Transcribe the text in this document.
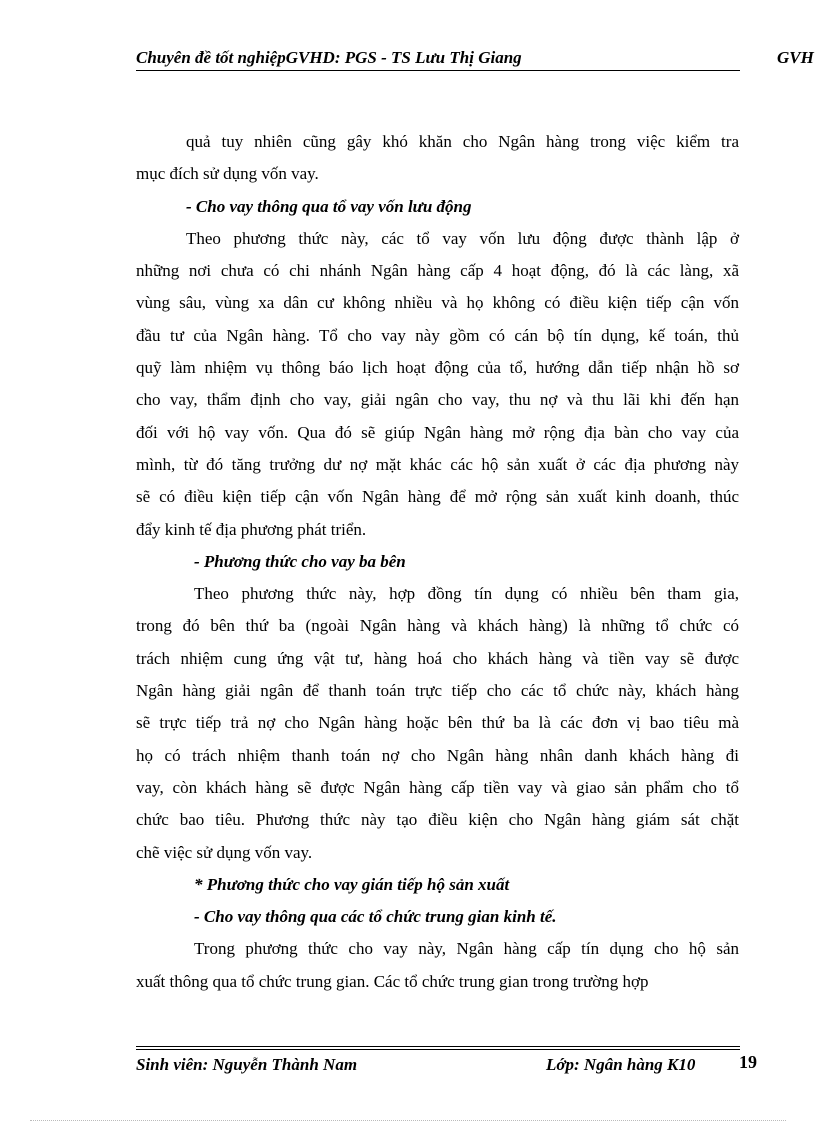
Chuyên đề tốt nghiệpGVHD: PGS - TS Lưu Thị Giang	GVH
quả tuy nhiên cũng gây khó khăn cho Ngân hàng trong việc kiểm tra
mục đích sử dụng vốn vay.
- Cho vay thông qua tổ vay vốn lưu động
Theo phương thức này, các tổ vay vốn lưu động được thành lập ở
những nơi chưa có chi nhánh Ngân hàng cấp 4 hoạt động, đó là các làng, xã
vùng sâu, vùng xa dân cư không nhiều và họ không có điều kiện tiếp cận vốn
đầu tư của Ngân hàng. Tổ cho vay này gồm có cán bộ tín dụng, kế toán, thủ
quỹ làm nhiệm vụ thông báo lịch hoạt động của tổ, hướng dẫn tiếp nhận hồ sơ
cho vay, thẩm định cho vay, giải ngân cho vay, thu nợ và thu lãi khi đến hạn
đối với hộ vay vốn. Qua đó sẽ giúp Ngân hàng mở rộng địa bàn cho vay của
mình, từ đó tăng trưởng dư nợ mặt khác các hộ sản xuất ở các địa phương này
sẽ có điều kiện tiếp cận vốn Ngân hàng để mở rộng sản xuất kinh doanh, thúc
đẩy kinh tế địa phương phát triển.
- Phương thức cho vay ba bên
Theo phương thức này, hợp đồng tín dụng có nhiều bên tham gia,
trong đó bên thứ ba (ngoài Ngân hàng và khách hàng) là những tổ chức có
trách nhiệm cung ứng vật tư, hàng hoá cho khách hàng và tiền vay sẽ được
Ngân hàng giải ngân để thanh toán trực tiếp cho các tổ chức này, khách hàng
sẽ trực tiếp trả nợ cho Ngân hàng hoặc bên thứ ba là các đơn vị bao tiêu mà
họ có trách nhiệm thanh toán nợ cho Ngân hàng nhân danh khách hàng đi
vay, còn khách hàng sẽ được Ngân hàng cấp tiền vay và giao sản phẩm cho tổ
chức bao tiêu. Phương thức này tạo điều kiện cho Ngân hàng giám sát chặt
chẽ việc sử dụng vốn vay.
* Phương thức cho vay gián tiếp hộ sản xuất
- Cho vay thông qua các tổ chức trung gian kinh tế.
Trong phương thức cho vay này, Ngân hàng cấp tín dụng cho hộ sản
xuất thông qua tổ chức trung gian. Các tổ chức trung gian trong trường hợp
Sinh viên: Nguyễn Thành Nam	Lớp: Ngân hàng K10 19
